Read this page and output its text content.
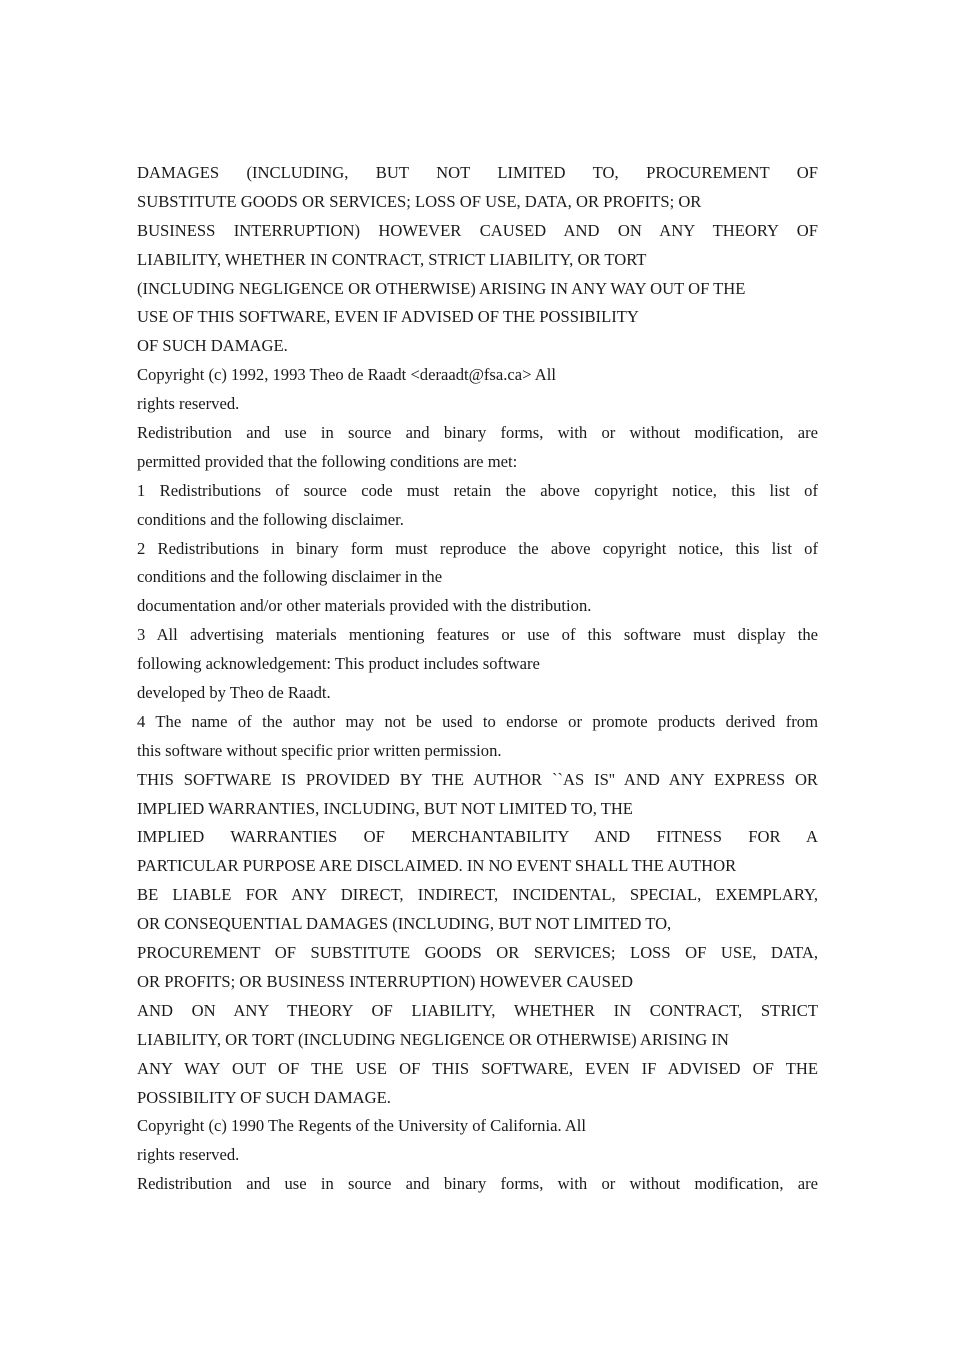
DAMAGES (INCLUDING, BUT NOT LIMITED TO, PROCUREMENT OF
SUBSTITUTE GOODS OR SERVICES; LOSS OF USE, DATA, OR PROFITS; OR
BUSINESS INTERRUPTION) HOWEVER CAUSED AND ON ANY THEORY OF
LIABILITY, WHETHER IN CONTRACT, STRICT LIABILITY, OR TORT
(INCLUDING NEGLIGENCE OR OTHERWISE) ARISING IN ANY WAY OUT OF THE
USE OF THIS SOFTWARE, EVEN IF ADVISED OF THE POSSIBILITY
OF SUCH DAMAGE.
Copyright (c) 1992, 1993 Theo de Raadt <deraadt@fsa.ca> All
rights reserved.
Redistribution and use in source and binary forms, with or without modification, are
permitted provided that the following conditions are met:
1 Redistributions of source code must retain the above copyright notice, this list of
conditions and the following disclaimer.
2 Redistributions in binary form must reproduce the above copyright notice, this list of
conditions and the following disclaimer in the
documentation and/or other materials provided with the distribution.
3 All advertising materials mentioning features or use of this software must display the
following acknowledgement: This product includes software
developed by Theo de Raadt.
4 The name of the author may not be used to endorse or promote products derived from
this software without specific prior written permission.
THIS SOFTWARE IS PROVIDED BY THE AUTHOR ``AS IS'' AND ANY EXPRESS OR
IMPLIED WARRANTIES, INCLUDING, BUT NOT LIMITED TO, THE
IMPLIED WARRANTIES OF MERCHANTABILITY AND FITNESS FOR A
PARTICULAR PURPOSE ARE DISCLAIMED. IN NO EVENT SHALL THE AUTHOR
BE LIABLE FOR ANY DIRECT, INDIRECT, INCIDENTAL, SPECIAL, EXEMPLARY,
OR CONSEQUENTIAL DAMAGES (INCLUDING, BUT NOT LIMITED TO,
PROCUREMENT OF SUBSTITUTE GOODS OR SERVICES; LOSS OF USE, DATA,
OR PROFITS; OR BUSINESS INTERRUPTION) HOWEVER CAUSED
AND ON ANY THEORY OF LIABILITY, WHETHER IN CONTRACT, STRICT
LIABILITY, OR TORT (INCLUDING NEGLIGENCE OR OTHERWISE) ARISING IN
ANY WAY OUT OF THE USE OF THIS SOFTWARE, EVEN IF ADVISED OF THE
POSSIBILITY OF SUCH DAMAGE.
Copyright (c) 1990 The Regents of the University of California. All
rights reserved.
Redistribution and use in source and binary forms, with or without modification, are
